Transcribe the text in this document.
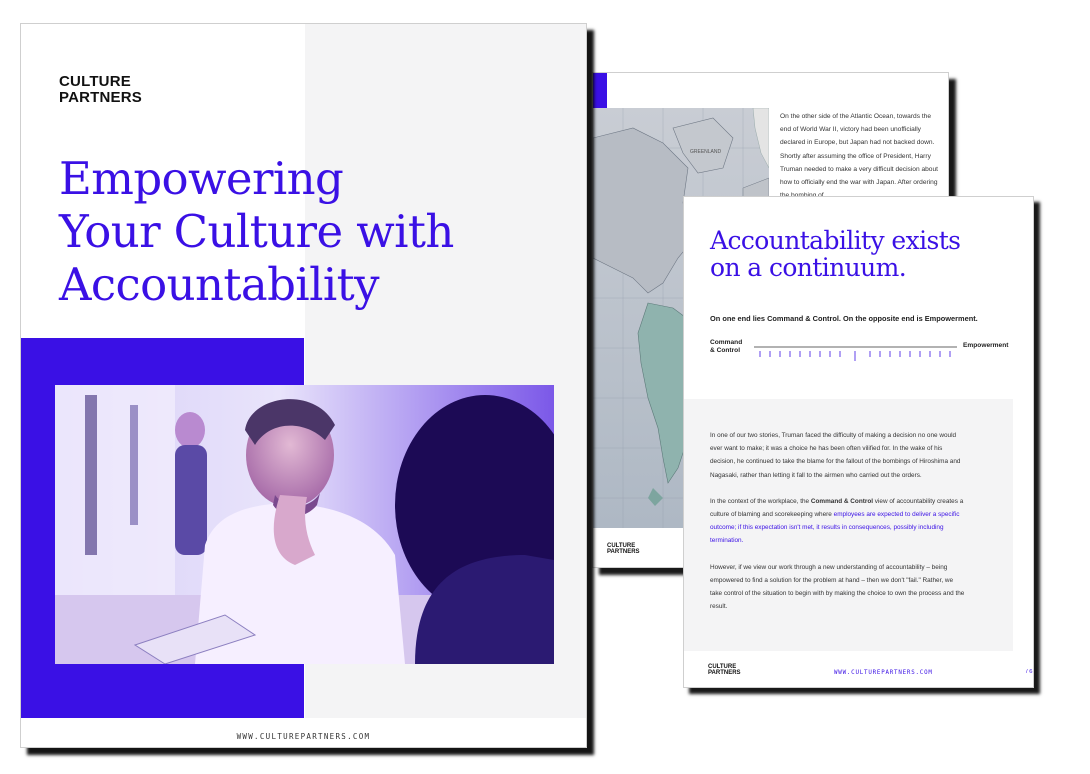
GREENLAND

On the other side of the Atlantic Ocean, towards the end of World War II, victory had been unofficially declared in Europe, but Japan had not backed down. Shortly after assuming the office of President, Harry Truman needed to make a very difficult decision about how to officially end the war with Japan. After ordering

CULTURE
PARTNERS
CULTURE
PARTNERS
Empowering
Your Culture with
Accountability
WWW.CULTUREPARTNERS.COM
Accountability exists
on a continuum.

On one end lies Command & Control. On the opposite end is Empowerment.

Command
& Control
Empowerment

In one of our two stories, Truman faced the difficulty of making a decision no one would ever want to make; it was a choice he has been often vilified for. In the wake of his decision, he continued to take the blame for the fallout of the bombings of Hiroshima and Nagasaki, rather than letting it fall to the airmen who carried out the orders.

In the context of the workplace, the Command & Control view of accountability creates a culture of blaming and scorekeeping where employees are expected to deliver a specific outcome; if this expectation isn't met, it results in consequences, possibly including termination.

However, if we view our work through a new understanding of accountability – being empowered to find a solution for the problem at hand – then we don't "fail." Rather, we take control of the situation to begin with by making the choice to own the process and the result.

CULTURE
PARTNERS	WWW.CULTUREPARTNERS.COM	/ 6
